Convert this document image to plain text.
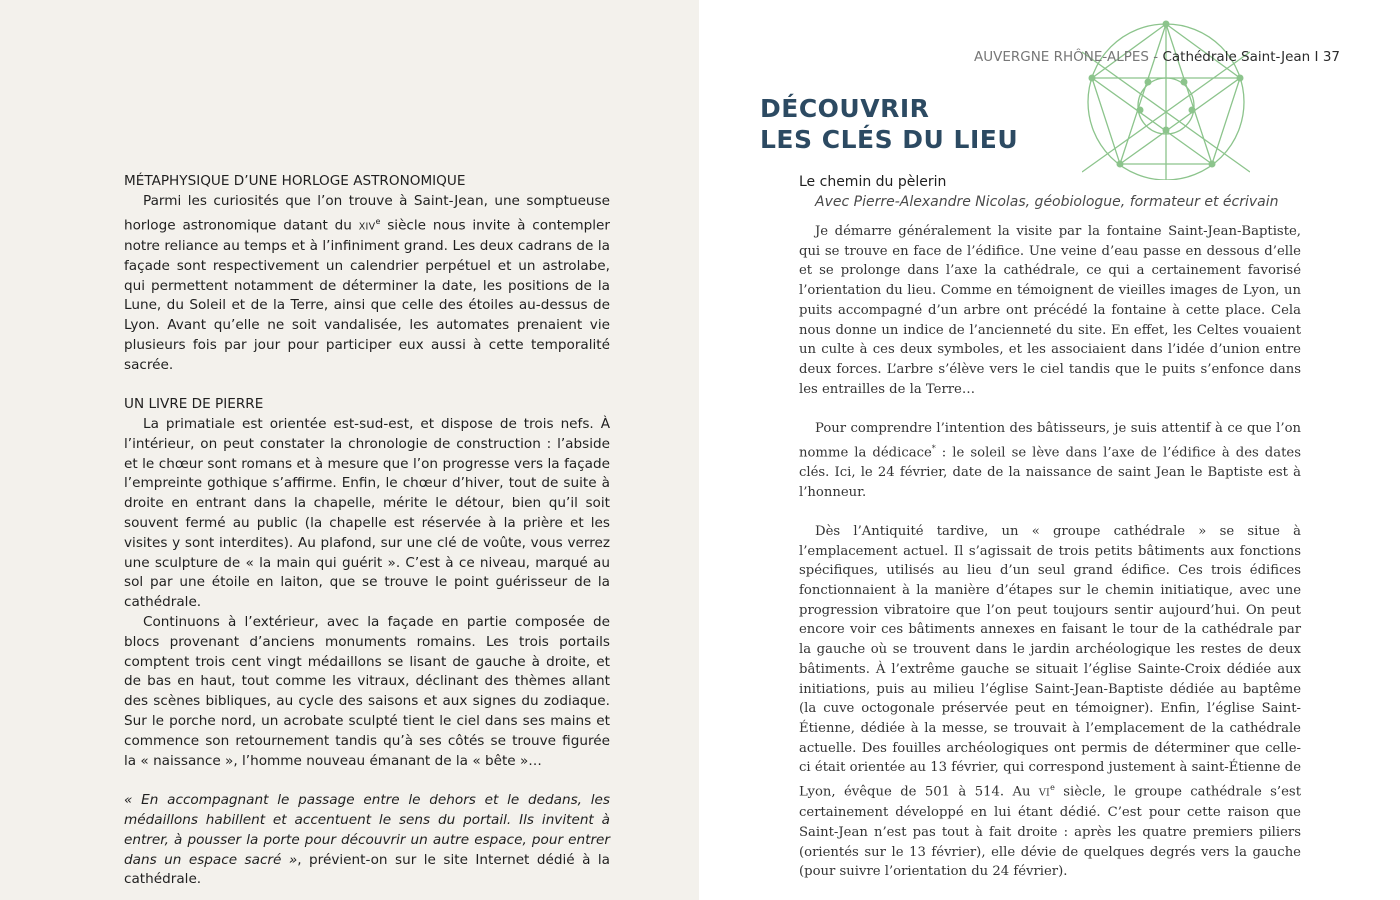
MÉTAPHYSIQUE D’UNE HORLOGE ASTRONOMIQUE

Parmi les curiosités que l’on trouve à Saint-Jean, une somptueuse horloge astronomique datant du XIVe siècle nous invite à contempler notre reliance au temps et à l’infiniment grand. Les deux cadrans de la façade sont respectivement un calendrier perpétuel et un astrolabe, qui permettent notamment de déterminer la date, les positions de la Lune, du Soleil et de la Terre, ainsi que celle des étoiles au-dessus de Lyon. Avant qu’elle ne soit vandalisée, les automates prenaient vie plusieurs fois par jour pour participer eux aussi à cette temporalité sacrée.

UN LIVRE DE PIERRE

La primatiale est orientée est-sud-est, et dispose de trois nefs. À l’intérieur, on peut constater la chronologie de construction : l’abside et le chœur sont romans et à mesure que l’on progresse vers la façade l’empreinte gothique s’affirme. Enfin, le chœur d’hiver, tout de suite à droite en entrant dans la chapelle, mérite le détour, bien qu’il soit souvent fermé au public (la chapelle est réservée à la prière et les visites y sont interdites). Au plafond, sur une clé de voûte, vous verrez une sculpture de « la main qui guérit ». C’est à ce niveau, marqué au sol par une étoile en laiton, que se trouve le point guérisseur de la cathédrale.

Continuons à l’extérieur, avec la façade en partie composée de blocs provenant d’anciens monuments romains. Les trois portails comptent trois cent vingt médaillons se lisant de gauche à droite, et de bas en haut, tout comme les vitraux, déclinant des thèmes allant des scènes bibliques, au cycle des saisons et aux signes du zodiaque. Sur le porche nord, un acrobate sculpté tient le ciel dans ses mains et commence son retournement tandis qu’à ses côtés se trouve figurée la « naissance », l’homme nouveau émanant de la « bête »…

« En accompagnant le passage entre le dehors et le dedans, les médaillons habillent et accentuent le sens du portail. Ils invitent à entrer, à pousser la porte pour découvrir un autre espace, pour entrer dans un espace sacré », prévient-on sur le site Internet dédié à la cathédrale.

AUVERGNE RHÔNE-ALPES - Cathédrale Saint-Jean I 37
DÉCOUVRIR
LES CLÉS DU LIEU
Le chemin du pèlerin
Avec Pierre-Alexandre Nicolas, géobiologue, formateur et écrivain

Je démarre généralement la visite par la fontaine Saint-Jean-Baptiste, qui se trouve en face de l’édifice. Une veine d’eau passe en dessous d’elle et se prolonge dans l’axe la cathédrale, ce qui a certainement favorisé l’orientation du lieu. Comme en témoignent de vieilles images de Lyon, un puits accompagné d’un arbre ont précédé la fontaine à cette place. Cela nous donne un indice de l’ancienneté du site. En effet, les Celtes vouaient un culte à ces deux symboles, et les associaient dans l’idée d’union entre deux forces. L’arbre s’élève vers le ciel tandis que le puits s’enfonce dans les entrailles de la Terre…

Pour comprendre l’intention des bâtisseurs, je suis attentif à ce que l’on nomme la dédicace* : le soleil se lève dans l’axe de l’édifice à des dates clés. Ici, le 24 février, date de la naissance de saint Jean le Baptiste est à l’honneur.

Dès l’Antiquité tardive, un « groupe cathédrale » se situe à l’emplacement actuel. Il s’agissait de trois petits bâtiments aux fonctions spécifiques, utilisés au lieu d’un seul grand édifice. Ces trois édifices fonctionnaient à la manière d’étapes sur le chemin initiatique, avec une progression vibratoire que l’on peut toujours sentir aujourd’hui. On peut encore voir ces bâtiments annexes en faisant le tour de la cathédrale par la gauche où se trouvent dans le jardin archéologique les restes de deux bâtiments. À l’extrême gauche se situait l’église Sainte-Croix dédiée aux initiations, puis au milieu l’église Saint-Jean-Baptiste dédiée au baptême (la cuve octogonale préservée peut en témoigner). Enfin, l’église Saint-Étienne, dédiée à la messe, se trouvait à l’emplacement de la cathédrale actuelle. Des fouilles archéologiques ont permis de déterminer que celle-ci était orientée au 13 février, qui correspond justement à saint-Étienne de Lyon, évêque de 501 à 514. Au VIe siècle, le groupe cathédrale s’est certainement développé en lui étant dédié. C’est pour cette raison que Saint-Jean n’est pas tout à fait droite : après les quatre premiers piliers (orientés sur le 13 février), elle dévie de quelques degrés vers la gauche (pour suivre l’orientation du 24 février).
